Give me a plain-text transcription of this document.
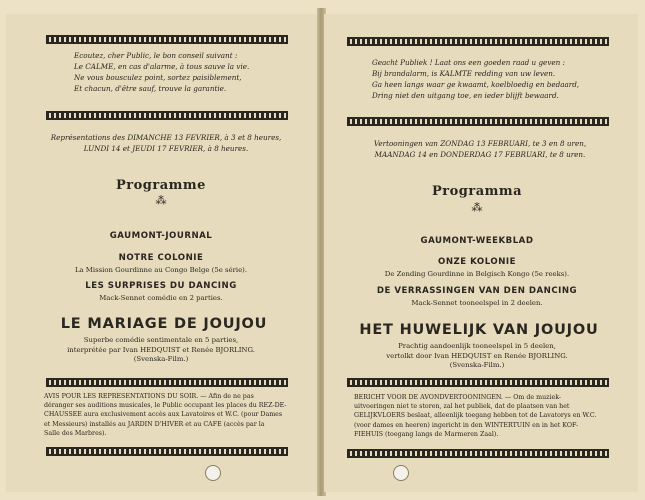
Ecoutez, cher Public, le bon conseil suivant :
Le CALME, en cas d'alarme, à tous sauve la vie.
Ne vous bousculez point, sortez paisiblement,
Et chacun, d'être sauf, trouve la garantie.
Représentations des DIMANCHE 13 FEVRIER, à 3 et 8 heures,
LUNDI 14 et JEUDI 17 FEVRIER, à 8 heures.
Programme
⁂
GAUMONT-JOURNAL
NOTRE COLONIE
La Mission Gourdinne au Congo Belge (5e série).
LES SURPRISES DU DANCING
Mack-Sennet comédie en 2 parties.
LE MARIAGE DE JOUJOU
Superbe comédie sentimentale en 5 parties,
interprétée par Ivan HEDQUIST et Renée BJORLING.
(Svenska-Film.)
AVIS POUR LES REPRESENTATIONS DU SOIR. — Afin de ne pas
déranger ses auditions musicales, le Public occupant les places du REZ-DE-
CHAUSSEE aura exclusivement accès aux Lavatoires et W.C. (pour Dames
et Messieurs) installés au JARDIN D'HIVER et au CAFE (accès par la
Salle des Marbres).
Geacht Publiek ! Laat ons een goeden raad u geven :
Bij brandalarm, is KALMTE redding van uw leven.
Ga heen langs waar ge kwaamt, koelbloedig en bedaard,
Dring niet den uitgang toe, en ieder blijft bewaard.
Vertooningen van ZONDAG 13 FEBRUARI, te 3 en 8 uren,
MAANDAG 14 en DONDERDAG 17 FEBRUARI, te 8 uren.
Programma
⁂
GAUMONT-WEEKBLAD
ONZE KOLONIE
De Zending Gourdinne in Belgisch Kongo (5e reeks).
DE VERRASSINGEN VAN DEN DANCING
Mack-Sennet tooneelspel in 2 deelen.
HET HUWELIJK VAN JOUJOU
Prachtig aandoenlijk tooneelspel in 5 deelen,
vertolkt door Ivan HEDQUIST en Renée BJORLING.
(Svenska-Film.)
BERICHT VOOR DE AVONDVERTOONINGEN. — Om de muziek-
uitvoeringen niet te storen, zal het publiek, dat de plaatsen van het
GELIJKVLOERS beslaat, alleenlijk toegang hebben tot de Lavatorys en W.C.
(voor dames en heeren) ingericht in den WINTERTUIN en in het KOF-
FIEHUIS (toegang langs de Marmeren Zaal).
